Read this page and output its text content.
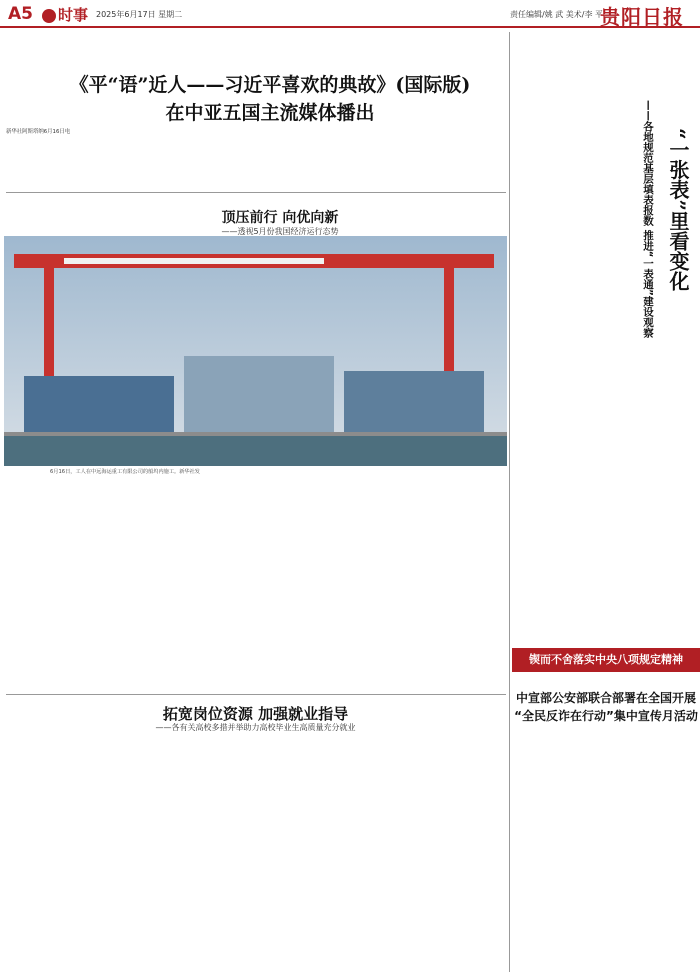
A5	时事 2025年6月17日 星期二	责任编辑/姚 武 美术/李 平
贵阳日报
《平“语”近人——习近平喜欢的典故》(国际版)
在中亚五国主流媒体播出
新华社阿斯塔纳6月16日电
顶压前行 向优向新
——透视5月份我国经济运行态势
6月16日，工人在中远海运重工有限公司的船坞内施工。新华社发
“一张表”里看变化
——各地规范基层填表报数 推进“一表通”建设观察
锲而不舍落实中央八项规定精神
中宣部公安部联合部署在全国开展
“全民反诈在行动”集中宣传月活动
拓宽岗位资源 加强就业指导
——各有关高校多措并举助力高校毕业生高质量充分就业
